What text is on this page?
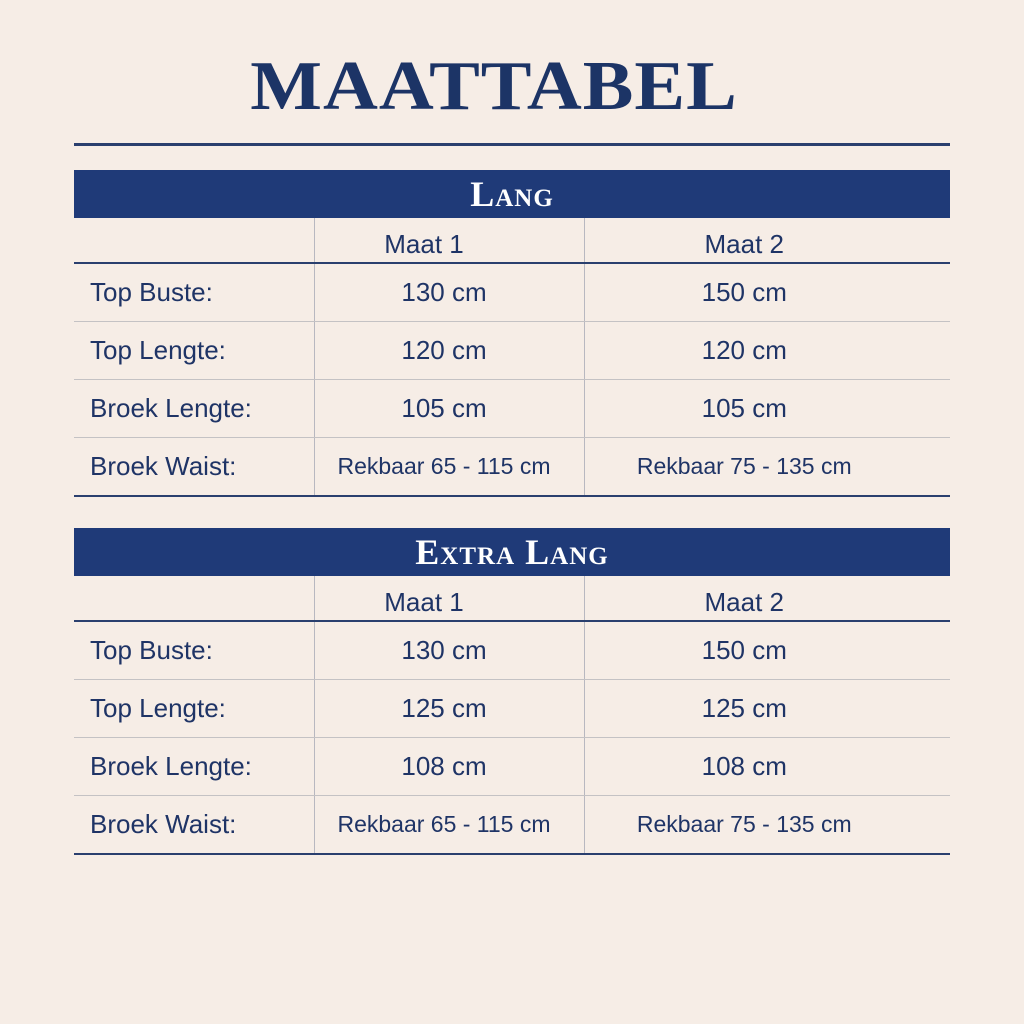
MAATTABEL
Lang
	Maat 1	Maat 2
Top Buste:	130 cm	150 cm
Top Lengte:	120 cm	120 cm
Broek Lengte:	105 cm	105 cm
Broek Waist:	Rekbaar 65 - 115 cm	Rekbaar 75 - 135 cm
Extra Lang
	Maat 1	Maat 2
Top Buste:	130 cm	150 cm
Top Lengte:	125 cm	125 cm
Broek Lengte:	108 cm	108 cm
Broek Waist:	Rekbaar 65 - 115 cm	Rekbaar 75 - 135 cm
